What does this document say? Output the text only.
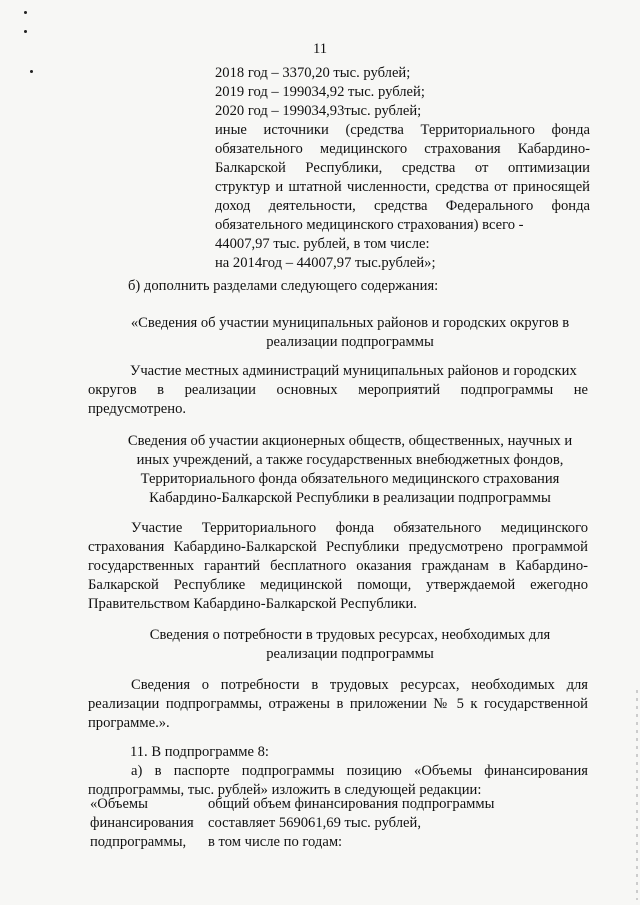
11
2018 год – 3370,20 тыс. рублей;
2019 год – 199034,92 тыс. рублей;
2020 год – 199034,93тыс. рублей;
иные источники (средства Территориального фонда
обязательного медицинского страхования Кабардино-
Балкарской Республики, средства от оптимизации
структур и штатной численности, средства от приносящей
доход деятельности, средства Федерального фонда
обязательного медицинского страхования) всего -
44007,97 тыс. рублей, в том числе:
на 2014год – 44007,97 тыс.рублей»;
б) дополнить разделами следующего содержания:
«Сведения об участии муниципальных районов и городских округов в
реализации подпрограммы
Участие местных администраций муниципальных районов и городских
округов в реализации основных мероприятий подпрограммы не
предусмотрено.
Сведения об участии акционерных обществ, общественных, научных и
иных учреждений, а также государственных внебюджетных фондов,
Территориального фонда обязательного медицинского страхования
Кабардино-Балкарской Республики в реализации подпрограммы
Участие Территориального фонда обязательного медицинского
страхования Кабардино-Балкарской Республики предусмотрено программой
государственных гарантий бесплатного оказания гражданам в Кабардино-
Балкарской Республике медицинской помощи, утверждаемой ежегодно
Правительством Кабардино-Балкарской Республики.
Сведения о потребности в трудовых ресурсах, необходимых для
реализации подпрограммы
Сведения о потребности в трудовых ресурсах, необходимых для
реализации подпрограммы, отражены в приложении № 5 к государственной
программе.».
11. В подпрограмме 8:
а) в паспорте подпрограммы позицию «Объемы финансирования
подпрограммы, тыс. рублей» изложить в следующей редакции:
«Объемы	общий объем финансирования подпрограммы
финансирования составляет 569061,69 тыс. рублей,
подпрограммы,	в том числе по годам:
